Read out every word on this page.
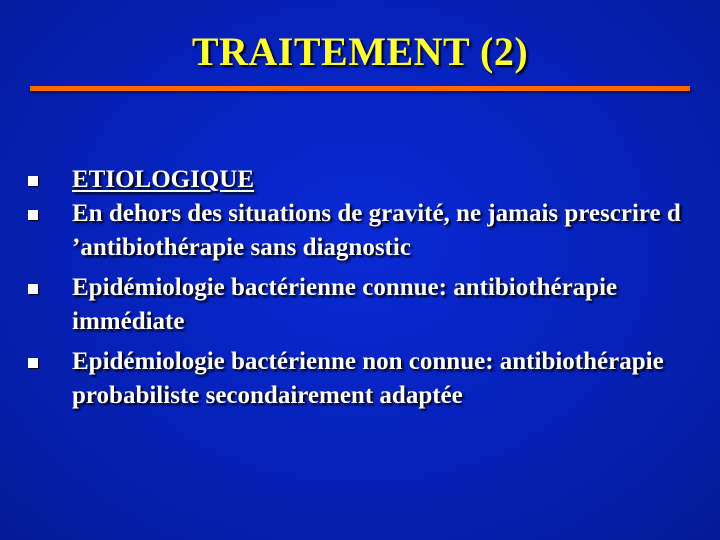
TRAITEMENT (2)
ETIOLOGIQUE
En dehors des situations de gravité, ne jamais prescrire d ’antibiothérapie sans diagnostic
Epidémiologie bactérienne connue: antibiothérapie immédiate
Epidémiologie bactérienne non connue: antibiothérapie probabiliste secondairement adaptée
